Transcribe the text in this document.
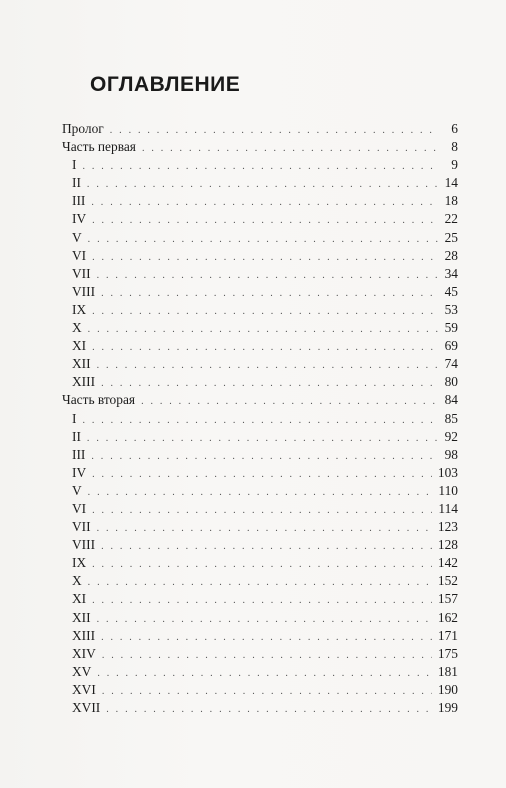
ОГЛАВЛЕНИЕ
Пролог . . .	6
Часть первая . . .	8
I . . .	9
II . . .	14
III . . .	18
IV . . .	22
V . . .	25
VI . . .	28
VII . . .	34
VIII . . .	45
IX . . .	53
X . . .	59
XI . . .	69
XII . . .	74
XIII . . .	80
Часть вторая . . .	84
I . . .	85
II . . .	92
III . . .	98
IV . . .	103
V . . .	110
VI . . .	114
VII . . .	123
VIII . . .	128
IX . . .	142
X . . .	152
XI . . .	157
XII . . .	162
XIII . . .	171
XIV . . .	175
XV . . .	181
XVI . . .	190
XVII . . .	199
